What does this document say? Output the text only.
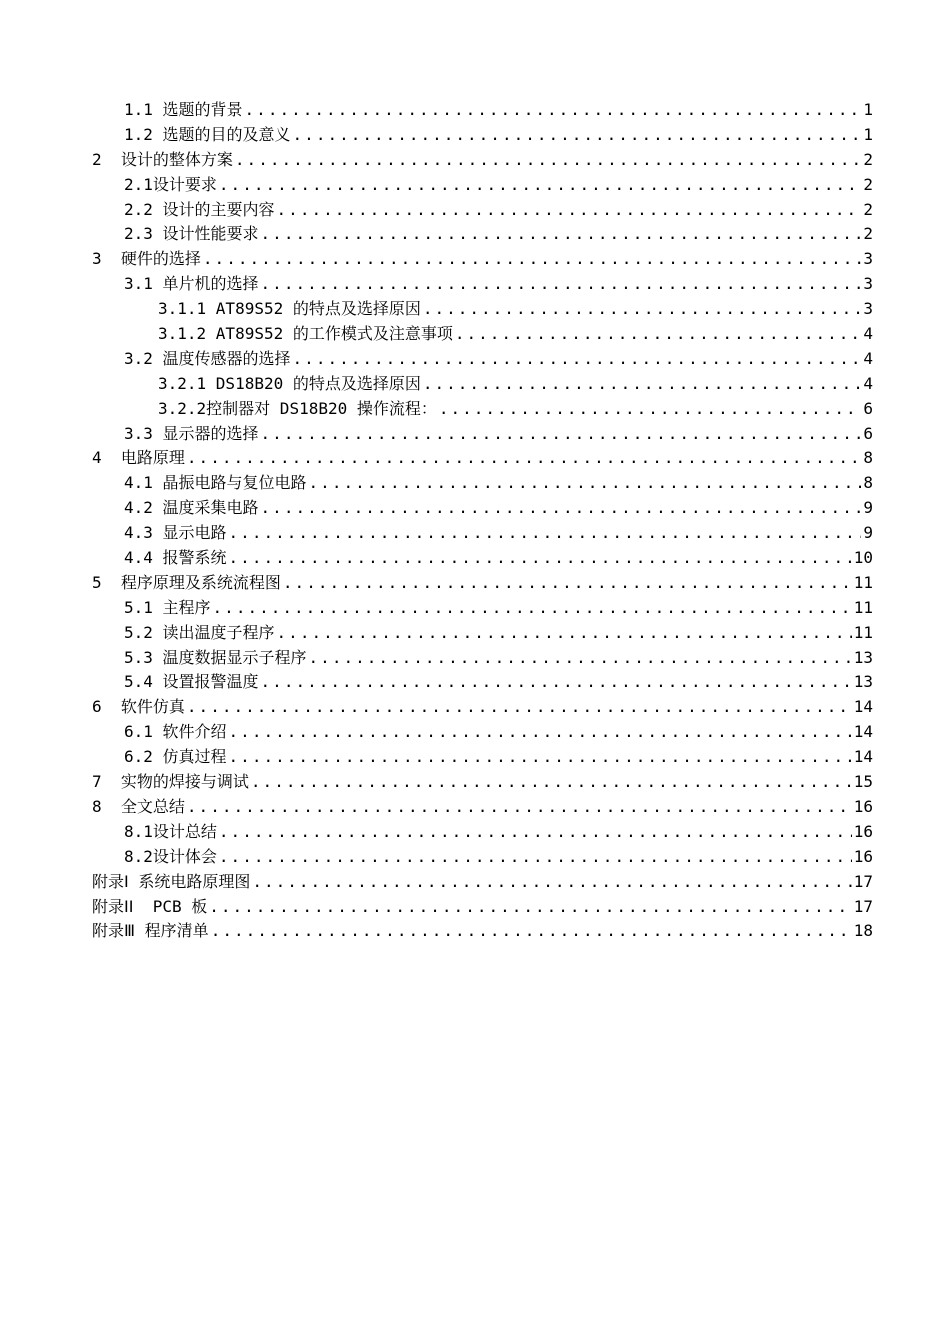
1.1 选题的背景 .....	1
1.2 选题的目的及意义 .....	1
2 设计的整体方案 .....	2
2.1 设计要求 .....	2
2.2 设计的主要内容 .....	2
2.3 设计性能要求 .....	2
3 硬件的选择 .....	3
3.1 单片机的选择 .....	3
3.1.1 AT89S52 的特点及选择原因 .....	3
3.1.2 AT89S52 的工作模式及注意事项 .....	4
3.2 温度传感器的选择 .....	4
3.2.1 DS18B20 的特点及选择原因 .....	4
3.2.2 控制器对 DS18B20 操作流程： .....	6
3.3 显示器的选择 .....	6
4 电路原理 .....	8
4.1 晶振电路与复位电路 .....	8
4.2 温度采集电路 .....	9
4.3 显示电路 .....	9
4.4 报警系统 .....	10
5 程序原理及系统流程图 .....	11
5.1 主程序 .....	11
5.2 读出温度子程序 .....	11
5.3 温度数据显示子程序 .....	13
5.4 设置报警温度 .....	13
6 软件仿真 .....	14
6.1 软件介绍 .....	14
6.2 仿真过程 .....	14
7 实物的焊接与调试 .....	15
8 全文总结 .....	16
8.1 设计总结 .....	16
8.2 设计体会 .....	16
附录Ⅰ 系统电路原理图 .....	17
附录ⅠⅠ PCB 板 .....	17
附录Ⅲ 程序清单 .....	18
